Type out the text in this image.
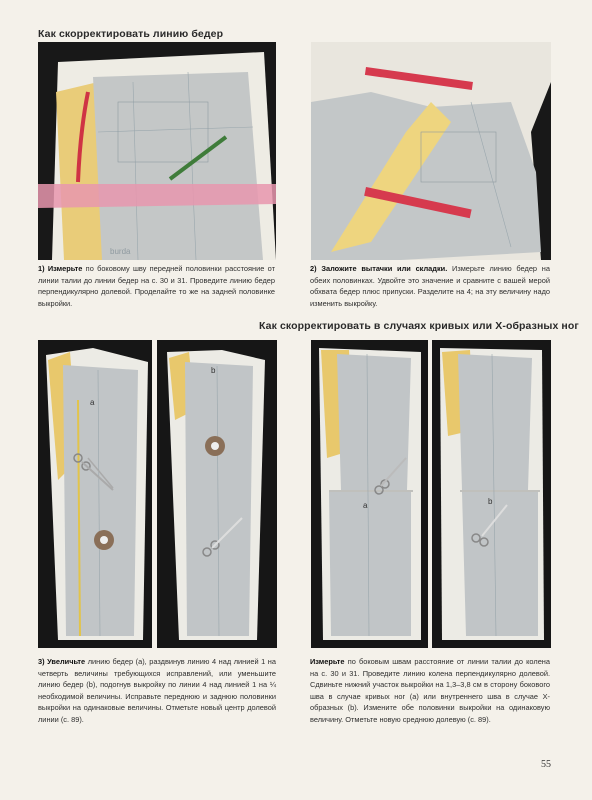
Как скорректировать линию бедер
Как скорректировать в случаях кривых или Х-образных ног
burda
1) Измерьте по боковому шву передней половинки расстояние от линии талии до линии бедер на с. 30 и 31. Проведите линию бедер перпендикулярно долевой. Проделайте то же на задней половинке выкройки.
2) Заложите вытачки или складки. Измерьте линию бедер на обеих половинках. Удвойте это значение и сравните с вашей мерой обхвата бедер плюс припуски. Разделите на 4; на эту величину надо изменить выкройку.
a
b
a	b
3) Увеличьте линию бедер (а), раздвинув линию 4 над линией 1 на четверть величины требующихся исправлений, или уменьшите линию бедер (b), подогнув выкройку по линии 4 над линией 1 на ¼ необходимой величины. Исправьте переднюю и заднюю половинки выкройки на одинаковые величины. Отметьте новый центр долевой линии (с. 89).
Измерьте по боковым швам расстояние от линии талии до колена на с. 30 и 31. Проведите линию колена перпендикулярно долевой. Сдвиньте нижний участок выкройки на 1,3–3,8 см в сторону бокового шва в случае кривых ног (а) или внутреннего шва в случае Х-образных (b). Измените обе половинки выкройки на одинаковую величину. Отметьте новую среднюю долевую (с. 89).
55
